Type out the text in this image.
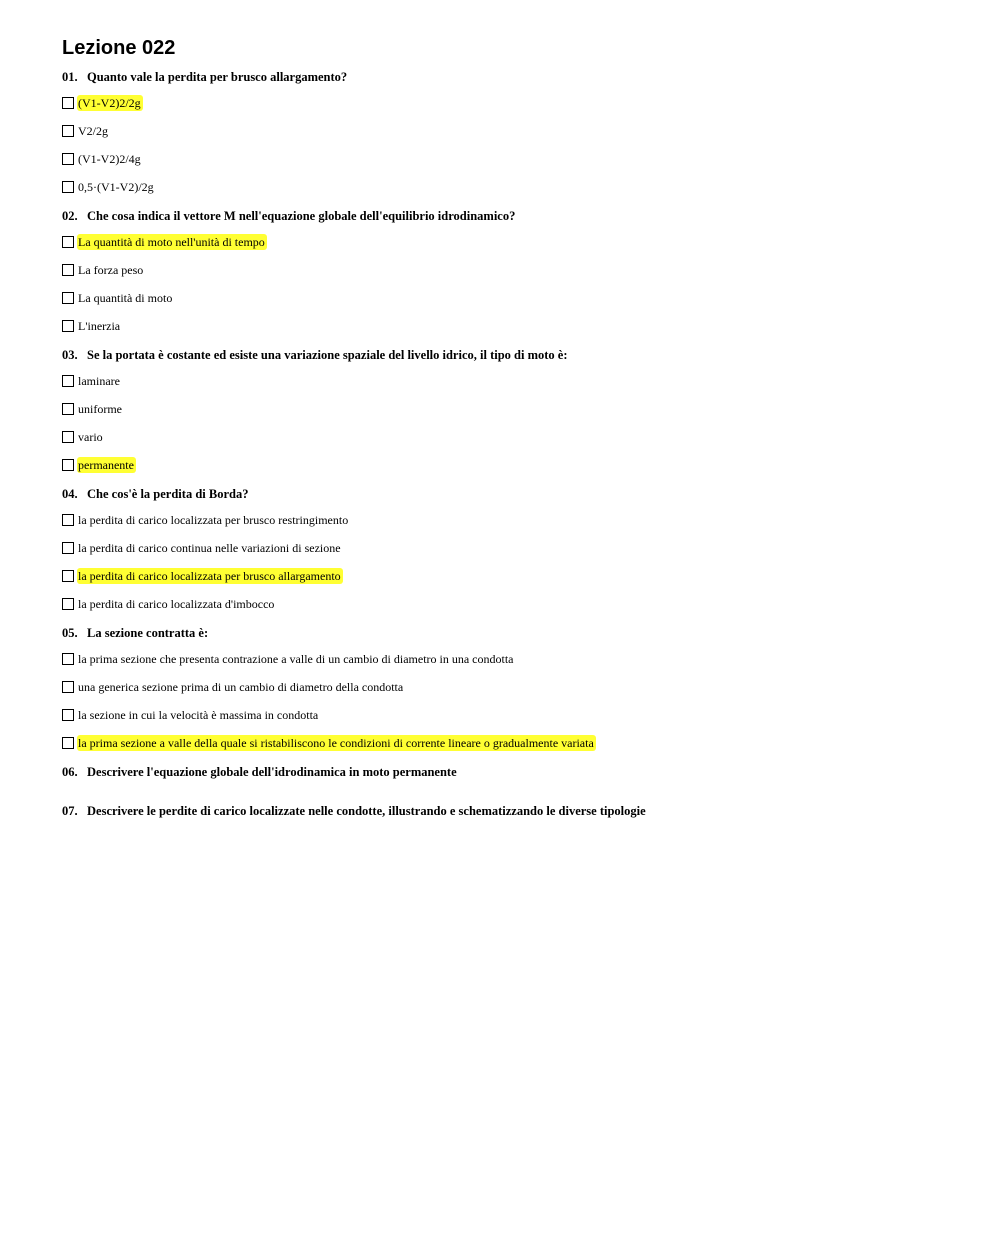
Lezione 022
01. Quanto vale la perdita per brusco allargamento?
(V1-V2)2/2g
V2/2g
(V1-V2)2/4g
0,5·(V1-V2)/2g
02. Che cosa indica il vettore M nell'equazione globale dell'equilibrio idrodinamico?
La quantità di moto nell'unità di tempo
La forza peso
La quantità di moto
L'inerzia
03. Se la portata è costante ed esiste una variazione spaziale del livello idrico, il tipo di moto è:
laminare
uniforme
vario
permanente
04. Che cos'è la perdita di Borda?
la perdita di carico localizzata per brusco restringimento
la perdita di carico continua nelle variazioni di sezione
la perdita di carico localizzata per brusco allargamento
la perdita di carico localizzata d'imbocco
05. La sezione contratta è:
la prima sezione che presenta contrazione a valle di un cambio di diametro in una condotta
una generica sezione prima di un cambio di diametro della condotta
la sezione in cui la velocità è massima in condotta
la prima sezione a valle della quale si ristabiliscono le condizioni di corrente lineare o gradualmente variata
06. Descrivere l'equazione globale dell'idrodinamica in moto permanente
07. Descrivere le perdite di carico localizzate nelle condotte, illustrando e schematizzando le diverse tipologie
